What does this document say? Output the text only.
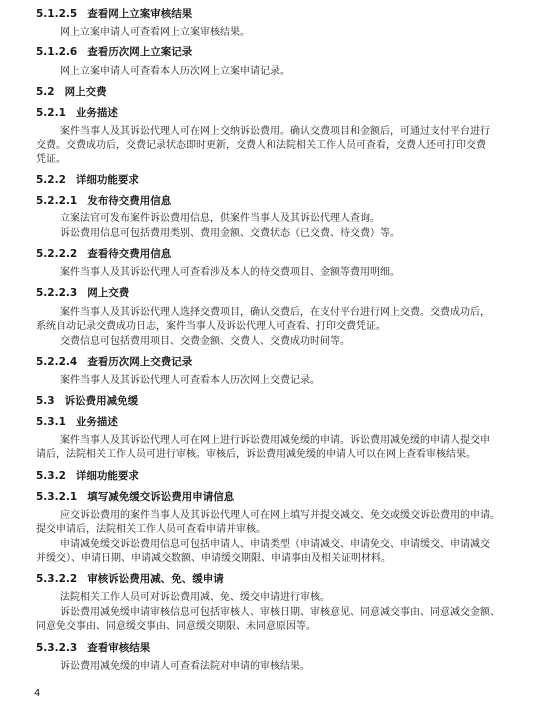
5.1.2.5 查看网上立案审核结果
网上立案申请人可查看网上立案审核结果。
5.1.2.6 查看历次网上立案记录
网上立案申请人可查看本人历次网上立案申请记录。
5.2 网上交费
5.2.1 业务描述
案件当事人及其诉讼代理人可在网上交纳诉讼费用。确认交费项目和金额后，可通过支付平台进行
交费。交费成功后，交费记录状态即时更新，交费人和法院相关工作人员可查看，交费人还可打印交费
凭证。
5.2.2 详细功能要求
5.2.2.1 发布待交费用信息
立案法官可发布案件诉讼费用信息，供案件当事人及其诉讼代理人查询。
诉讼费用信息可包括费用类别、费用金额、交费状态（已交费、待交费）等。
5.2.2.2 查看待交费用信息
案件当事人及其诉讼代理人可查看涉及本人的待交费项目、金额等费用明细。
5.2.2.3 网上交费
案件当事人及其诉讼代理人选择交费项目，确认交费后，在支付平台进行网上交费。交费成功后，
系统自动记录交费成功日志，案件当事人及诉讼代理人可查看、打印交费凭证。
交费信息可包括费用项目、交费金额、交费人、交费成功时间等。
5.2.2.4 查看历次网上交费记录
案件当事人及其诉讼代理人可查看本人历次网上交费记录。
5.3 诉讼费用减免缓
5.3.1 业务描述
案件当事人及其诉讼代理人可在网上进行诉讼费用减免缓的申请。诉讼费用减免缓的申请人提交申
请后，法院相关工作人员可进行审核。审核后，诉讼费用减免缓的申请人可以在网上查看审核结果。
5.3.2 详细功能要求
5.3.2.1 填写减免缓交诉讼费用申请信息
应交诉讼费用的案件当事人及其诉讼代理人可在网上填写并提交减交、免交或缓交诉讼费用的申请。
提交申请后，法院相关工作人员可查看申请并审核。
申请减免缓交诉讼费用信息可包括申请人、申请类型（申请减交、申请免交、申请缓交、申请减交
并缓交）、申请日期、申请减交数额、申请缓交期限、申请事由及相关证明材料。
5.3.2.2 审核诉讼费用减、免、缓申请
法院相关工作人员可对诉讼费用减、免、缓交申请进行审核。
诉讼费用减免缓申请审核信息可包括审核人、审核日期、审核意见、同意减交事由、同意减交金额、
同意免交事由、同意缓交事由、同意缓交期限、未同意原因等。
5.3.2.3 查看审核结果
诉讼费用减免缓的申请人可查看法院对申请的审核结果。
4
